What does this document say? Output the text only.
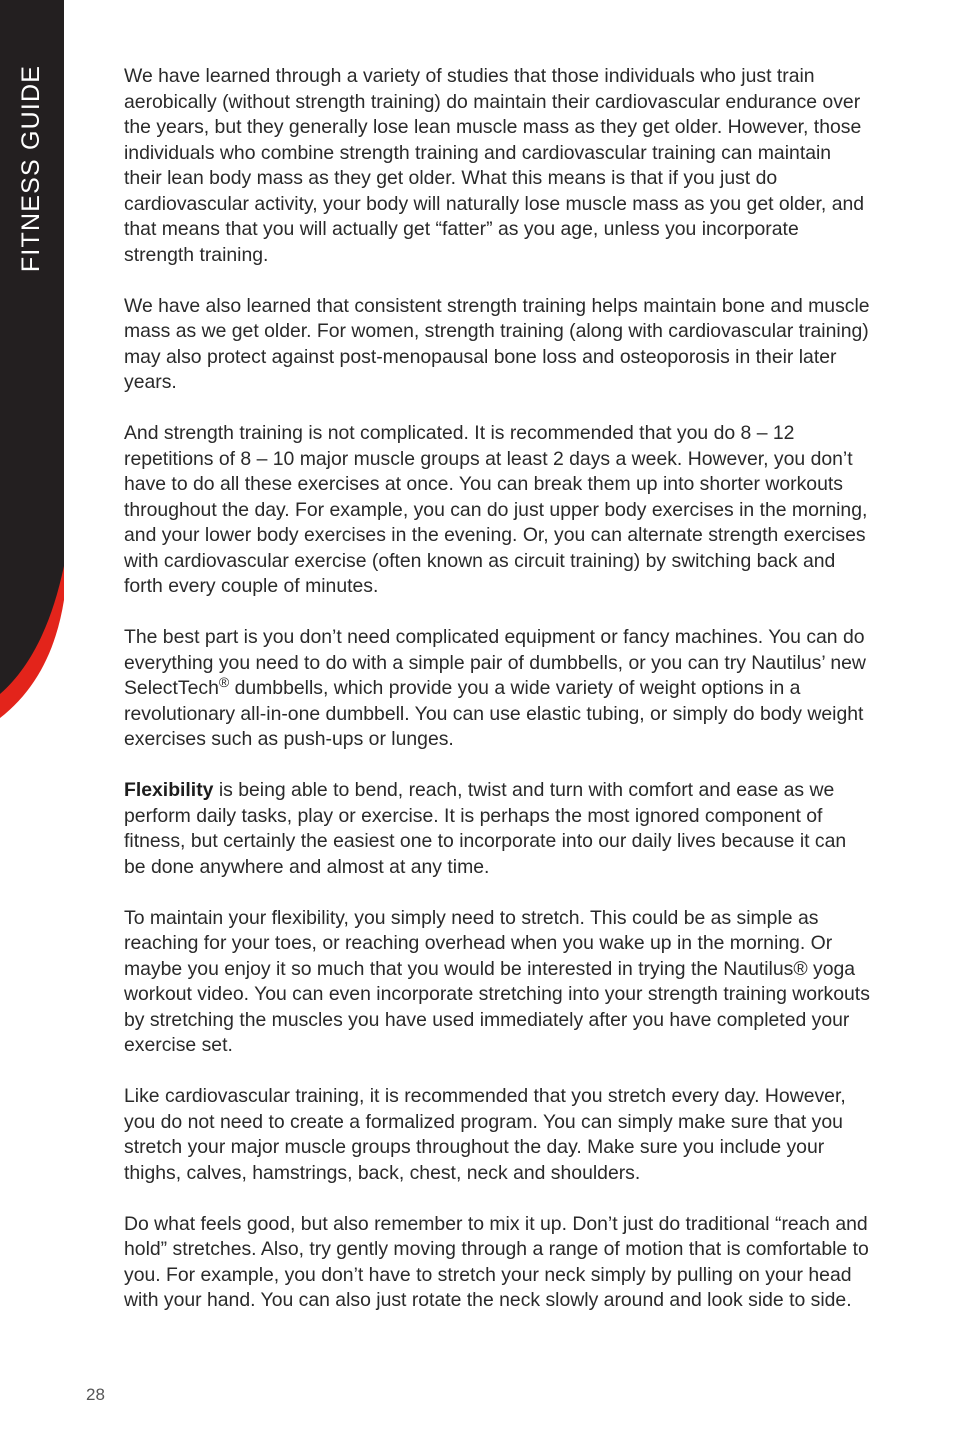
FITNESS GUIDE	We have learned through a variety of studies that those individuals who just train aerobically (without strength training) do maintain their cardiovascular endurance over the years, but they generally lose lean muscle mass as they get older. However, those individuals who combine strength training and cardiovascular training can maintain their lean body mass as they get older. What this means is that if you just do cardiovascular activity, your body will naturally lose muscle mass as you get older, and that means that you will actually get “fatter” as you age, unless you incorporate strength training.

We have also learned that consistent strength training helps maintain bone and muscle mass as we get older. For women, strength training (along with cardiovascular training) may also protect against post-menopausal bone loss and osteoporosis in their later years.

And strength training is not complicated. It is recommended that you do 8 – 12 repetitions of 8 – 10 major muscle groups at least 2 days a week. However, you don’t have to do all these exercises at once. You can break them up into shorter workouts throughout the day. For example, you can do just upper body exercises in the morning, and your lower body exercises in the evening. Or, you can alternate strength exercises with cardiovascular exercise (often known as circuit training) by switching back and forth every couple of minutes.

The best part is you don’t need complicated equipment or fancy machines. You can do everything you need to do with a simple pair of dumbbells, or you can try Nautilus’ new SelectTech® dumbbells, which provide you a wide variety of weight options in a revolutionary all-in-one dumbbell. You can use elastic tubing, or simply do body weight exercises such as push-ups or lunges.

Flexibility is being able to bend, reach, twist and turn with comfort and ease as we perform daily tasks, play or exercise. It is perhaps the most ignored component of fitness, but certainly the easiest one to incorporate into our daily lives because it can be done anywhere and almost at any time.

To maintain your flexibility, you simply need to stretch. This could be as simple as reaching for your toes, or reaching overhead when you wake up in the morning. Or maybe you enjoy it so much that you would be interested in trying the Nautilus® yoga workout video. You can even incorporate stretching into your strength training workouts by stretching the muscles you have used immediately after you have completed your exercise set.

Like cardiovascular training, it is recommended that you stretch every day. However, you do not need to create a formalized program. You can simply make sure that you stretch your major muscle groups throughout the day. Make sure you include your thighs, calves, hamstrings, back, chest, neck and shoulders.

Do what feels good, but also remember to mix it up. Don’t just do traditional “reach and hold” stretches. Also, try gently moving through a range of motion that is comfortable to you. For example, you don’t have to stretch your neck simply by pulling on your head with your hand. You can also just rotate the neck slowly around and look side to side.

28
